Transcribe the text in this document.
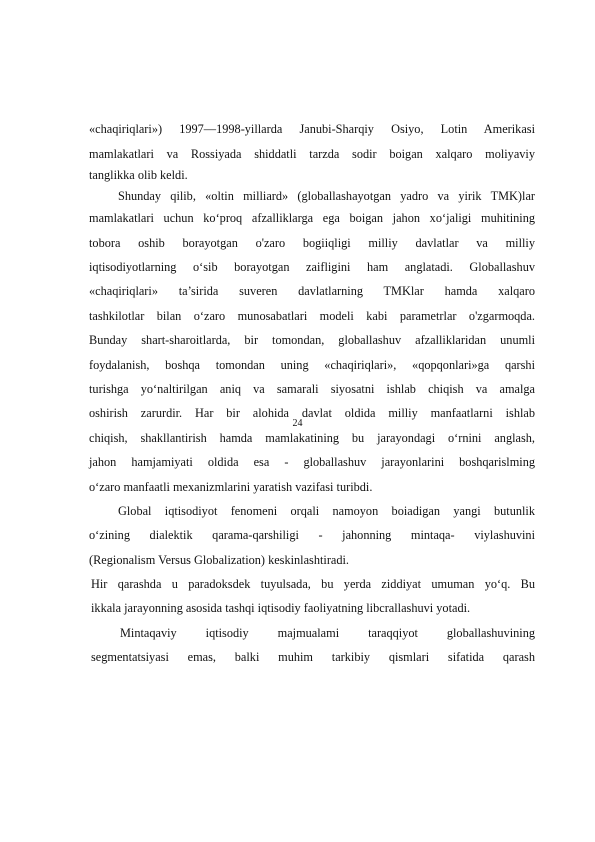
«chaqiriqlari») 1997—1998-yillarda Janubi-Sharqiy Osiyo, Lotin Amerikasi
mamlakatlari va Rossiyada shiddatli tarzda sodir boigan xalqaro moliyaviy
tanglikka olib keldi.
Shunday qilib, «oltin milliard» (globallashayotgan yadro va yirik TMK)lar
mamlakatlari uchun ko‘proq afzalliklarga ega boigan jahon xo‘jaligi muhitining
tobora oshib borayotgan o'zaro bogiiqligi milliy davlatlar va milliy
iqtisodiyotlarning o‘sib borayotgan zaifligini ham anglatadi. Globallashuv
«chaqiriqlari» ta’sirida suveren davlatlarning TMKlar hamda xalqaro
tashkilotlar bilan o‘zaro munosabatlari modeli kabi parametrlar o'zgarmoqda.
Bunday shart-sharoitlarda, bir tomondan, globallashuv afzalliklaridan unumli
foydalanish, boshqa tomondan uning «chaqiriqlari», «qopqonlari»ga qarshi
turishga yo‘naltirilgan aniq va samarali siyosatni ishlab chiqish va amalga
oshirish zarurdir. Har bir alohida davlat oldida milliy manfaatlarni ishlab
chiqish, shakllantirish hamda mamlakatining bu jarayondagi o‘rnini anglash,
jahon hamjamiyati oldida esa - globallashuv jarayonlarini boshqarislming
o‘zaro manfaatli mexanizmlarini yaratish vazifasi turibdi.
Global iqtisodiyot fenomeni orqali namoyon boiadigan yangi butunlik
o‘zining dialektik qarama-qarshiligi - jahonning mintaqa- viylashuvini
(Regionalism Versus Globalization) keskinlashtiradi.
Hir qarashda u paradoksdek tuyulsada, bu yerda ziddiyat umuman yo‘q. Bu
ikkala jarayonning asosida tashqi iqtisodiy faoliyatning libcrallashuvi yotadi.
Mintaqaviy iqtisodiy majmualami taraqqiyot globallashuvining
segmentatsiyasi emas, balki muhim tarkibiy qismlari sifatida qarash
24
